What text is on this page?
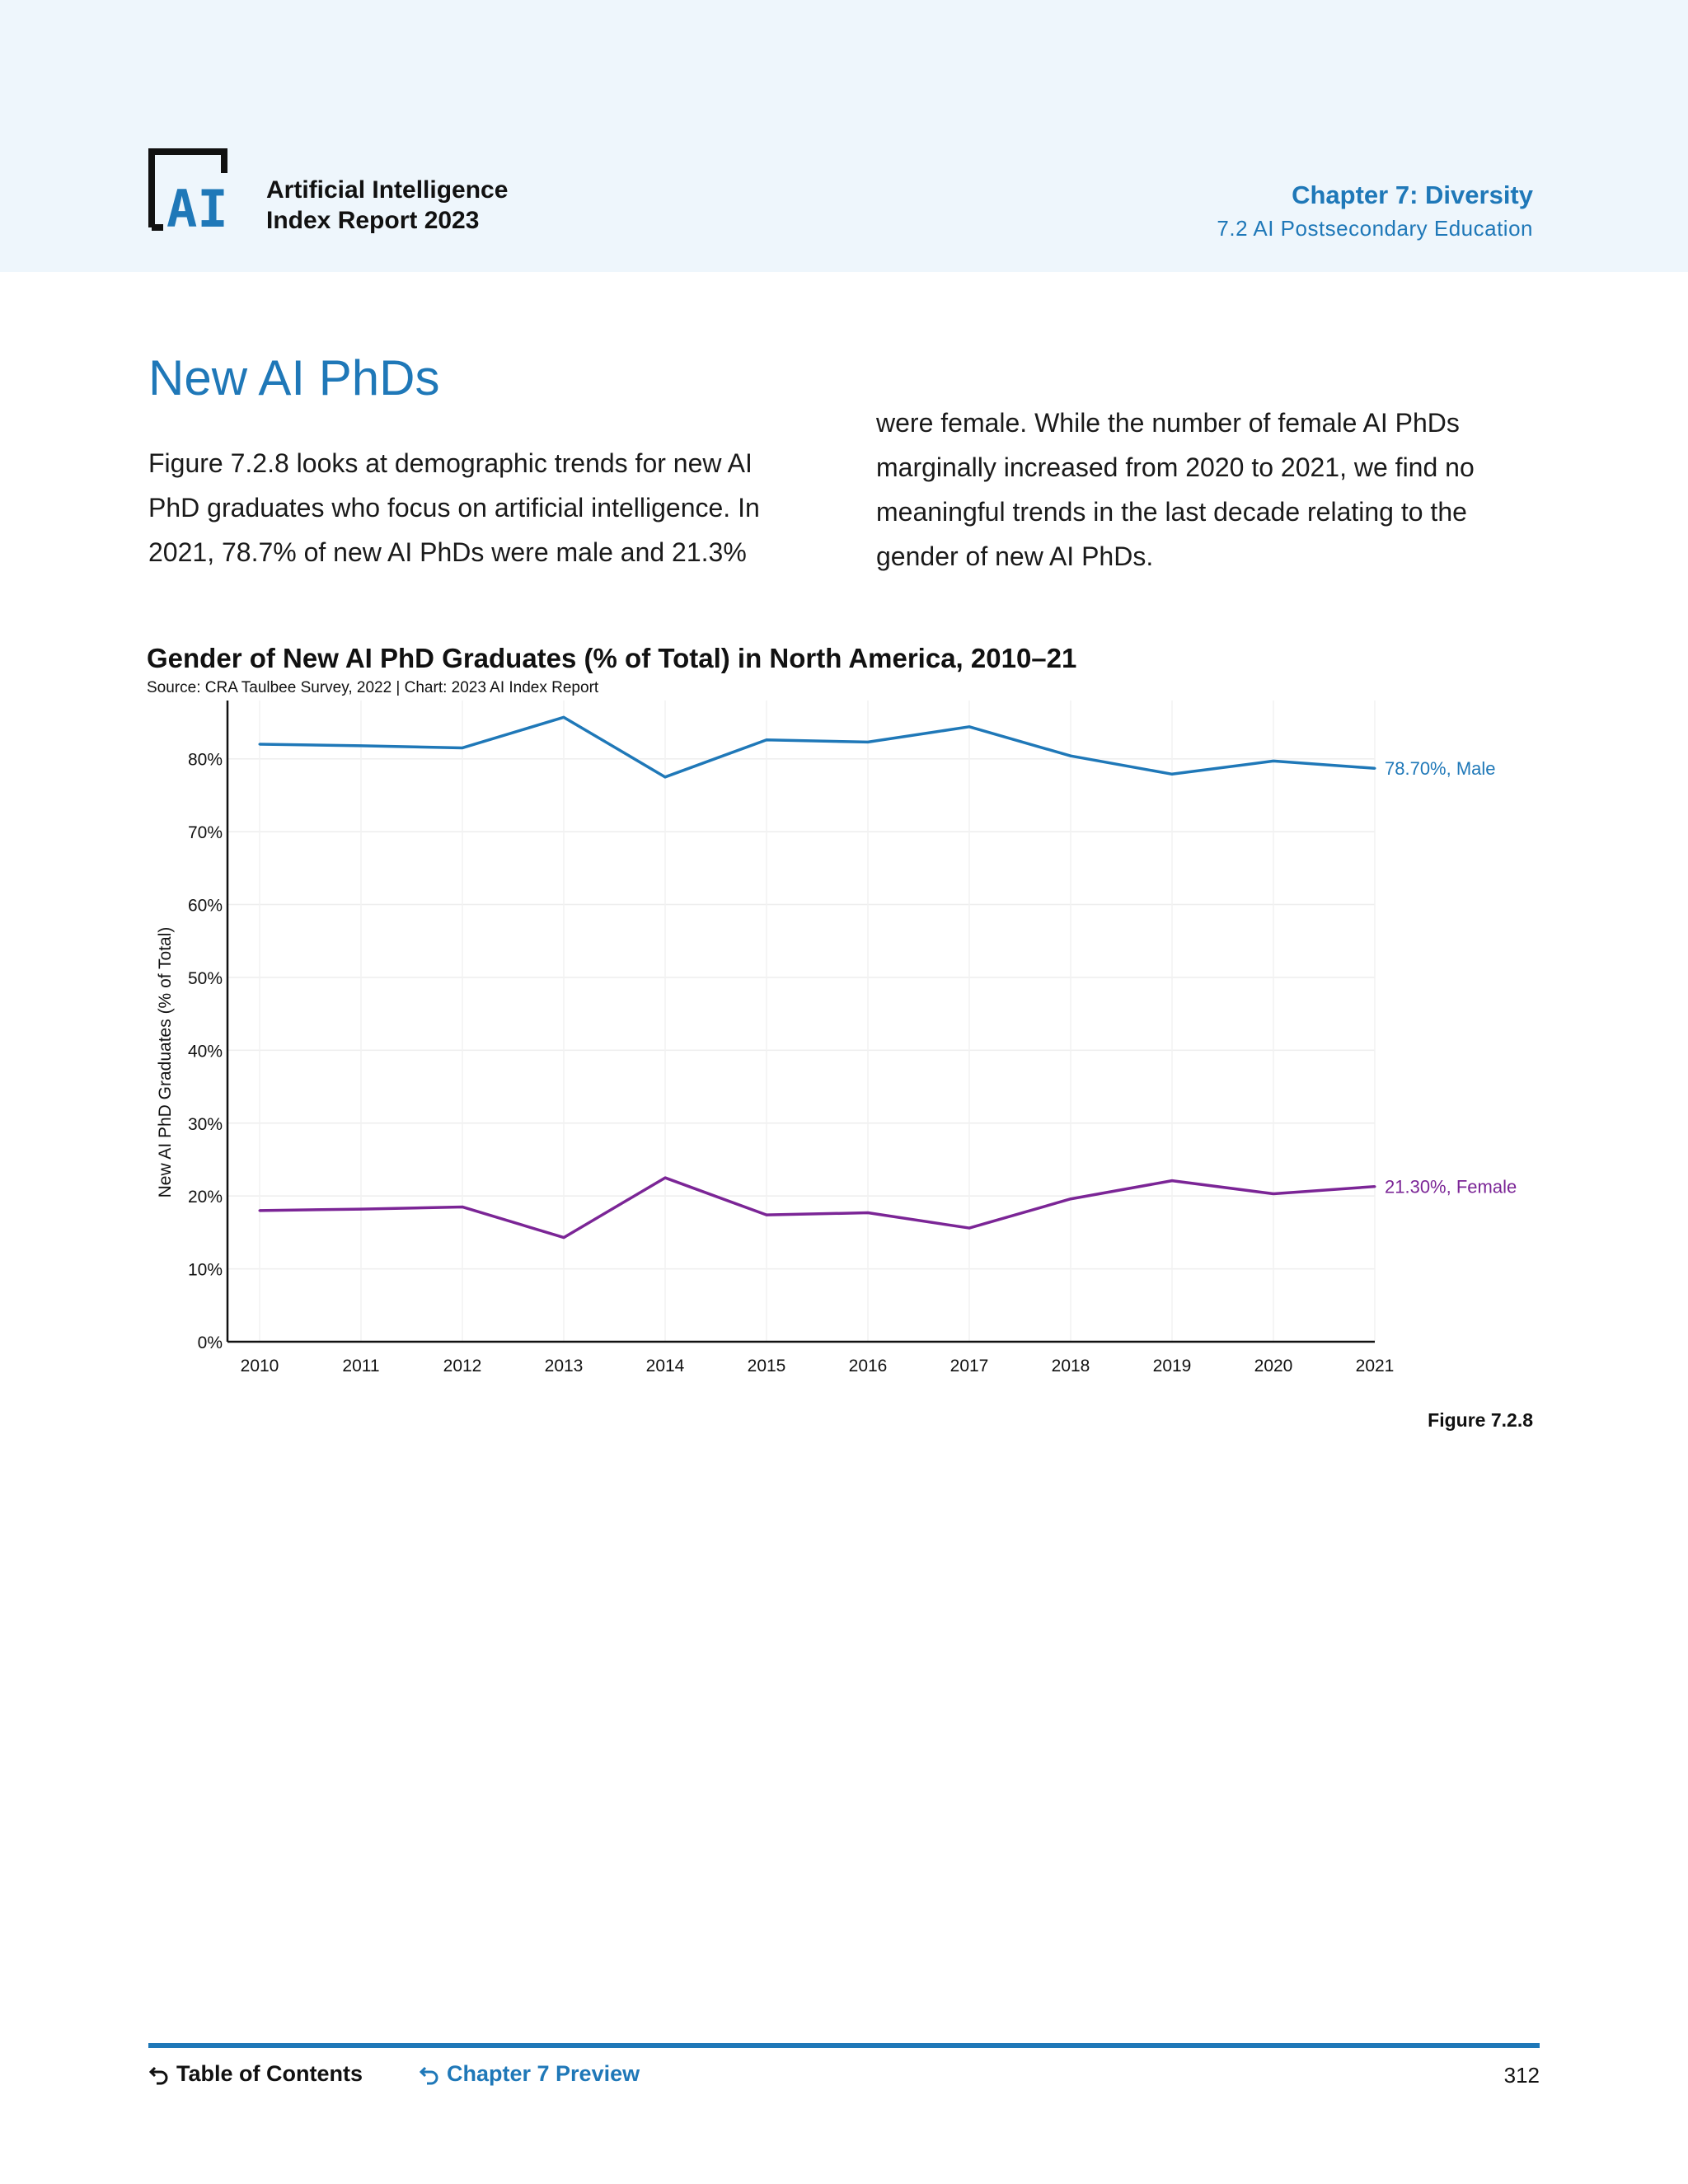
AI Artificial Intelligence
Index Report 2023
Chapter 7: Diversity
7.2 AI Postsecondary Education
New AI PhDs

Figure 7.2.8 looks at demographic trends for new AI PhD graduates who focus on artificial intelligence. In 2021, 78.7% of new AI PhDs were male and 21.3%

were female. While the number of female AI PhDs marginally increased from 2020 to 2021, we find no meaningful trends in the last decade relating to the gender of new AI PhDs.

Gender of New AI PhD Graduates (% of Total) in North America, 2010–21
Source: CRA Taulbee Survey, 2022 | Chart: 2023 AI Index Report
0%
10%
20%
30%
40%
50%
60%
70%
80%
2010	2011	2012	2013	2014	2015	2016	2017	2018	2019	2020	2021
New AI PhD Graduates (% of Total)
78.70%, Male
21.30%, Female
Figure 7.2.8
Table of Contents	Chapter 7 Preview	312
